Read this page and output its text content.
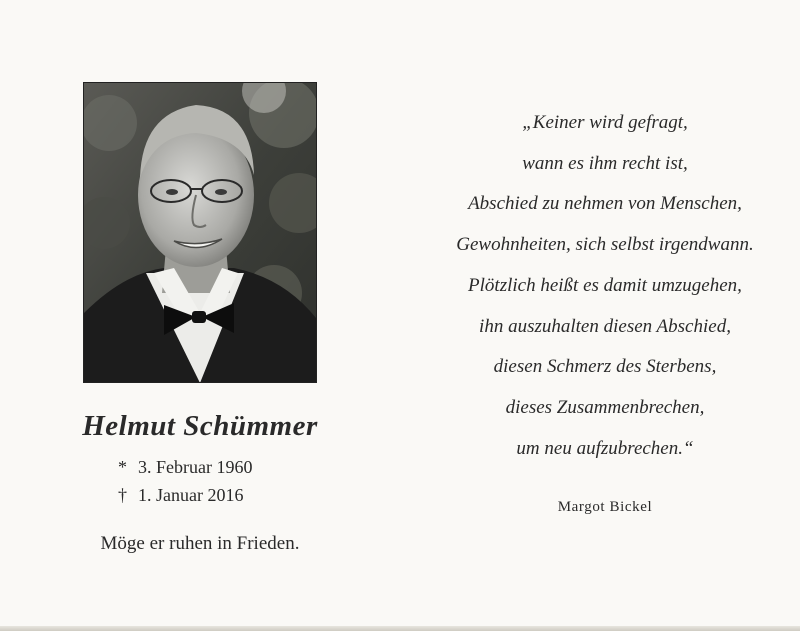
Helmut Schümmer
* 3. Februar 1960
† 1. Januar 2016
Möge er ruhen in Frieden.
„Keiner wird gefragt,
wann es ihm recht ist,
Abschied zu nehmen von Menschen,
Gewohnheiten, sich selbst irgendwann.
Plötzlich heißt es damit umzugehen,
ihn auszuhalten diesen Abschied,
diesen Schmerz des Sterbens,
dieses Zusammenbrechen,
um neu aufzubrechen.“
Margot Bickel
